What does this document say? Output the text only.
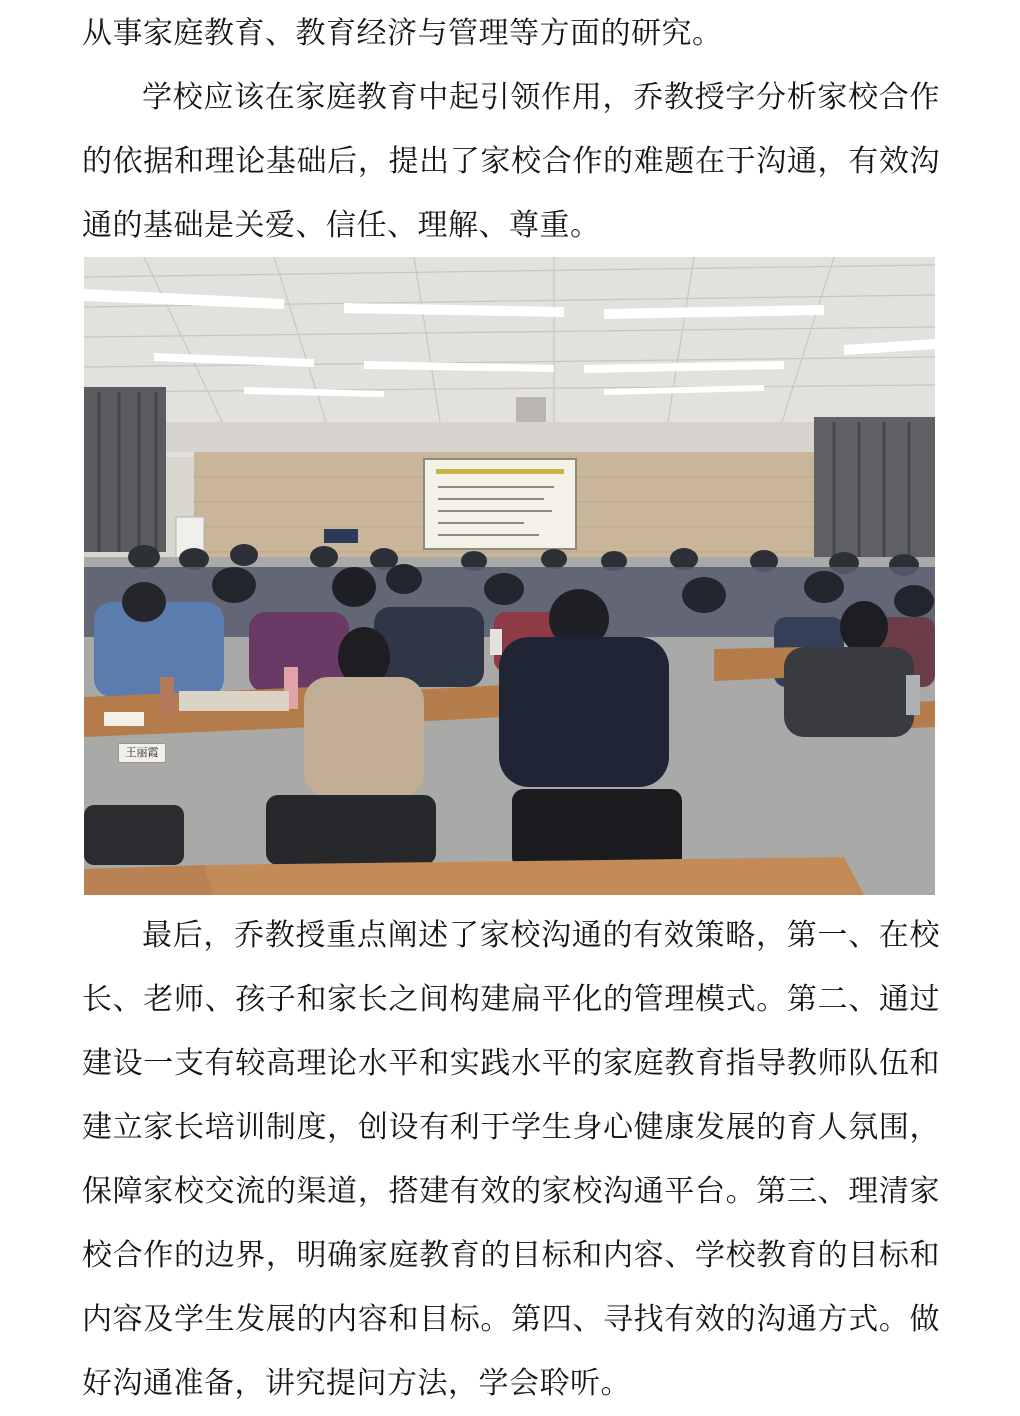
从事家庭教育、教育经济与管理等方面的研究。

学校应该在家庭教育中起引领作用，乔教授字分析家校合作的依据和理论基础后，提出了家校合作的难题在于沟通，有效沟通的基础是关爱、信任、理解、尊重。

王丽霞

最后，乔教授重点阐述了家校沟通的有效策略，第一、在校长、老师、孩子和家长之间构建扁平化的管理模式。第二、通过建设一支有较高理论水平和实践水平的家庭教育指导教师队伍和建立家长培训制度，创设有利于学生身心健康发展的育人氛围，保障家校交流的渠道，搭建有效的家校沟通平台。第三、理清家校合作的边界，明确家庭教育的目标和内容、学校教育的目标和内容及学生发展的内容和目标。第四、寻找有效的沟通方式。做好沟通准备，讲究提问方法，学会聆听。
